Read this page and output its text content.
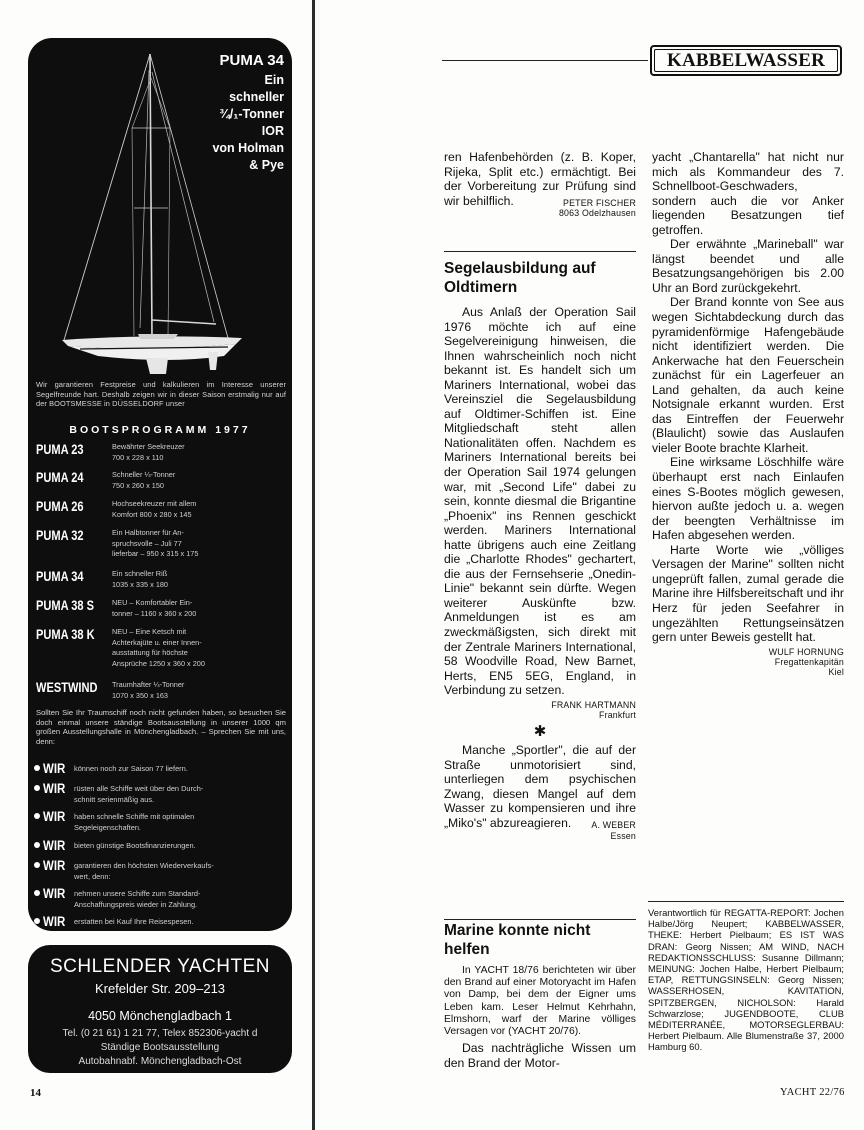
PUMA 34
Ein
schneller
¾/₁-Tonner
IOR
von Holman
& Pye
Wir garantieren Festpreise und kalkulieren im Interesse unserer Segelfreunde hart. Deshalb zeigen wir in dieser Saison erstmalig nur auf der BOOTSMESSE in DÜSSELDORF unser
BOOTSPROGRAMM 1977
PUMA 23	Bewährter Seekreuzer
700 x 228 x 110
PUMA 24	Schneller ¼-Tonner
750 x 260 x 150
PUMA 26	Hochseekreuzer mit allem
Komfort 800 x 280 x 145
PUMA 32	Ein Halbtonner für An-
spruchsvolle – Juli 77
lieferbar – 950 x 315 x 175
PUMA 34	Ein schneller Riß
1035 x 335 x 180
PUMA 38 S NEU – Komfortabler Ein-
tonner – 1160 x 360 x 200
PUMA 38 K NEU – Eine Ketsch mit
Achterkajüte u. einer Innen-
ausstattung für höchste
Ansprüche 1250 x 360 x 200
WESTWIND Traumhafter ¼-Tonner
1070 x 350 x 163
Sollten Sie Ihr Traumschiff noch nicht gefunden haben, so besuchen Sie doch einmal unsere ständige Bootsausstellung in unserer 1000 qm großen Ausstellungshalle in Mönchengladbach. – Sprechen Sie mit uns, denn:
WIR können noch zur Saison 77 liefern.
WIR rüsten alle Schiffe weit über den Durch-
schnitt serienmäßig aus.
WIR haben schnelle Schiffe mit optimalen
Segeleigenschaften.
WIR bieten günstige Bootsfinanzierungen.
WIR garantieren den höchsten Wiederverkaufs-
wert, denn:
WIR nehmen unsere Schiffe zum Standard-
Anschaffungspreis wieder in Zahlung.
WIR erstatten bei Kauf Ihre Reisespesen.
SCHLENDER YACHTEN
Krefelder Str. 209–213
4050 Mönchengladbach 1
Tel. (0 21 61) 1 21 77, Telex 852306-yacht d
Ständige Bootsausstellung
Autobahnabf. Mönchengladbach-Ost
14	YACHT 22/76
KABBELWASSER

ren Hafenbehörden (z. B. Koper, Rijeka, Split etc.) ermächtigt. Bei der Vorbereitung zur Prüfung sind wir behilflich.	PETER FISCHER
8063 Odelzhausen
Segelausbildung auf Oldtimern

Aus Anlaß der Operation Sail 1976 möchte ich auf eine Segelvereinigung hinweisen, die Ihnen wahrscheinlich noch nicht bekannt ist. Es handelt sich um Mariners International, wobei das Vereinsziel die Segelausbildung auf Oldtimer-Schiffen ist. Eine Mitgliedschaft steht allen Nationalitäten offen. Nachdem es Mariners International bereits bei der Operation Sail 1974 gelungen war, mit „Second Life" dabei zu sein, konnte diesmal die Brigantine „Phoenix" ins Rennen geschickt werden. Mariners International hatte übrigens auch eine Zeitlang die „Charlotte Rhodes" gechartert, die aus der Fernsehserie „Onedin-Linie" bekannt sein dürfte. Wegen weiterer Auskünfte bzw. Anmeldungen ist es am zweckmäßigsten, sich direkt mit der Zentrale Mariners International, 58 Woodville Road, New Barnet, Herts, EN5 5EG, England, in Verbindung zu setzen.

FRANK HARTMANN
Frankfurt
✱

Manche „Sportler", die auf der Straße unmotorisiert sind, unterliegen dem psychischen Zwang, diesen Mangel auf dem Wasser zu kompensieren und ihre „Miko's" abzureagieren.	A. WEBER
Essen
Marine konnte nicht helfen

In YACHT 18/76 berichteten wir über den Brand auf einer Motoryacht im Hafen von Damp, bei dem der Eigner ums Leben kam. Leser Helmut Kehrhahn, Elmshorn, warf der Marine völliges Versagen vor (YACHT 20/76).

Das nachträgliche Wissen um den Brand der Motor-

yacht „Chantarella" hat nicht nur mich als Kommandeur des 7. Schnellboot-Geschwaders, sondern auch die vor Anker liegenden Besatzungen tief getroffen.

Der erwähnte „Marineball" war längst beendet und alle Besatzungsangehörigen bis 2.00 Uhr an Bord zurückgekehrt.

Der Brand konnte von See aus wegen Sichtabdeckung durch das pyramidenförmige Hafengebäude nicht identifiziert werden. Die Ankerwache hat den Feuerschein zunächst für ein Lagerfeuer an Land gehalten, da auch keine Notsignale erkannt wurden. Erst das Eintreffen der Feuerwehr (Blaulicht) sowie das Auslaufen vieler Boote brachte Klarheit.

Eine wirksame Löschhilfe wäre überhaupt erst nach Einlaufen eines S-Bootes möglich gewesen, hiervon außte jedoch u. a. wegen der beengten Verhältnisse im Hafen abgesehen werden.

Harte Worte wie „völliges Versagen der Marine" sollten nicht ungeprüft fallen, zumal gerade die Marine ihre Hilfsbereitschaft und ihr Herz für jeden Seefahrer in ungezählten Rettungseinsätzen gern unter Beweis gestellt hat.

WULF HORNUNG
Fregattenkapitän
Kiel
Verantwortlich für REGATTA-REPORT: Jochen Halbe/Jörg Neupert; KABBELWASSER, THEKE: Herbert Pielbaum; ES IST WAS DRAN: Georg Nissen; AM WIND, NACH REDAKTIONSSCHLUSS: Susanne Dillmann; MEINUNG: Jochen Halbe, Herbert Pielbaum; ETAP, RETTUNGSINSELN: Georg Nissen; WASSERHOSEN, KAVITATION, SPITZBERGEN, NICHOLSON: Harald Schwarzlose; JUGENDBOOTE, CLUB MÉDITERRANÉE, MOTORSEGLERBAU: Herbert Pielbaum. Alle Blumenstraße 37, 2000 Hamburg 60.
